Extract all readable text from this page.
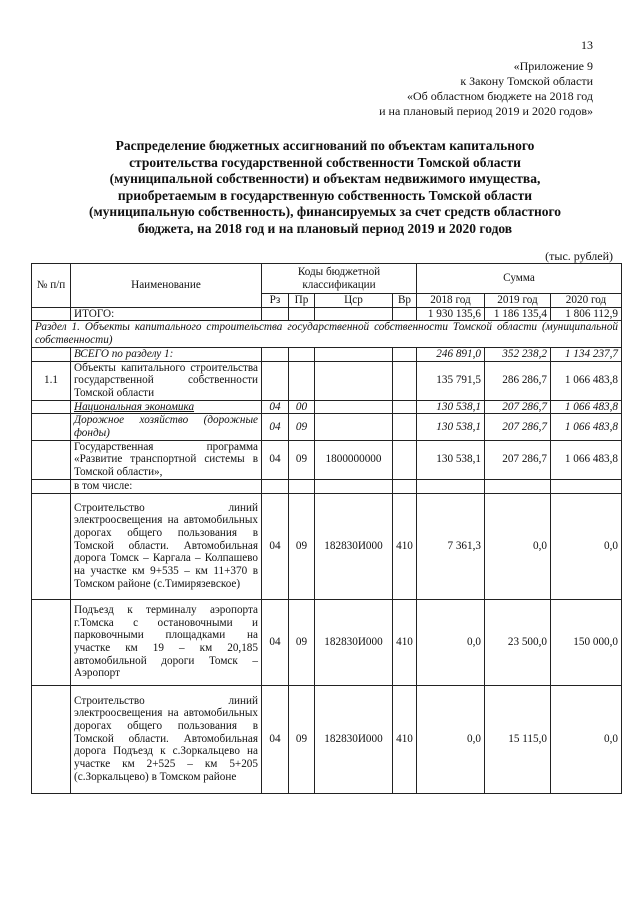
13
«Приложение 9
к Закону Томской области
«Об областном бюджете на 2018 год
и на плановый период 2019 и 2020 годов»
Распределение бюджетных ассигнований по объектам капитального
строительства государственной собственности Томской области
(муниципальной собственности) и объектам недвижимого имущества,
приобретаемым в государственную собственность Томской области
(муниципальную собственность), финансируемых за счет средств областного
бюджета, на 2018 год и на плановый период 2019 и 2020 годов
(тыс. рублей)
№ п/п	Наименование	Коды бюджетной классификации				Сумма		
		Рз	Пр	Цср	Вр	2018 год	2019 год	2020 год
	ИТОГО:					1 930 135,6	1 186 135,4	1 806 112,9
Раздел 1. Объекты капитального строительства государственной собственности Томской области (муниципальной собственности)								
	ВСЕГО по разделу 1:					246 891,0	352 238,2	1 134 237,7
1.1	Объекты капитального строительства государственной собственности Томской области					135 791,5	286 286,7	1 066 483,8
	Национальная экономика	04	00			130 538,1	207 286,7	1 066 483,8
	Дорожное хозяйство (дорожные фонды)	04	09			130 538,1	207 286,7	1 066 483,8
	Государственная программа «Развитие транспортной системы в Томской области»,	04	09	1800000000		130 538,1	207 286,7	1 066 483,8
	в том числе:							
	Строительство линий электроосвещения на автомобильных дорогах общего пользования в Томской области. Автомобильная дорога Томск – Каргала – Колпашево на участке км 9+535 – км 11+370 в Томском районе (с.Тимирязевское)	04	09	182830И000	410	7 361,3	0,0	0,0
	Подъезд к терминалу аэропорта г.Томска с остановочными и парковочными площадками на участке км 19 – км 20,185 автомобильной дороги Томск – Аэропорт	04	09	182830И000	410	0,0	23 500,0	150 000,0
	Строительство линий электроосвещения на автомобильных дорогах общего пользования в Томской области. Автомобильная дорога Подъезд к с.Зоркальцево на участке км 2+525 – км 5+205 (с.Зоркальцево) в Томском районе	04	09	182830И000	410	0,0	15 115,0	0,0
